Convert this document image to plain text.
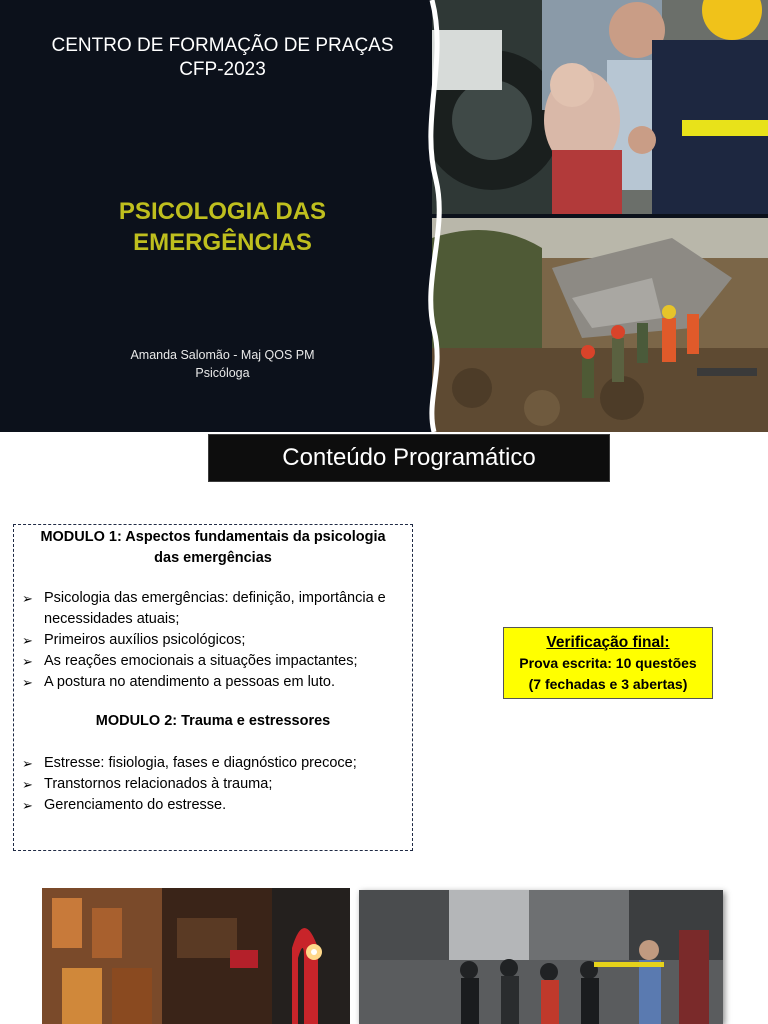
CENTRO DE FORMAÇÃO DE PRAÇAS
CFP-2023
PSICOLOGIA DAS
EMERGÊNCIAS
Amanda Salomão - Maj QOS PM
Psicóloga
Conteúdo Programático
MODULO 1: Aspectos fundamentais da psicologia
das emergências
➢ Psicologia das emergências: definição, importância e necessidades atuais;
➢ Primeiros auxílios psicológicos;
➢ As reações emocionais a situações impactantes;
➢ A postura no atendimento a pessoas em luto.
MODULO 2: Trauma e estressores
➢ Estresse: fisiologia, fases e diagnóstico precoce;
➢ Transtornos relacionados à trauma;
➢ Gerenciamento do estresse.
Verificação final:
Prova escrita: 10 questões
(7 fechadas e 3 abertas)
